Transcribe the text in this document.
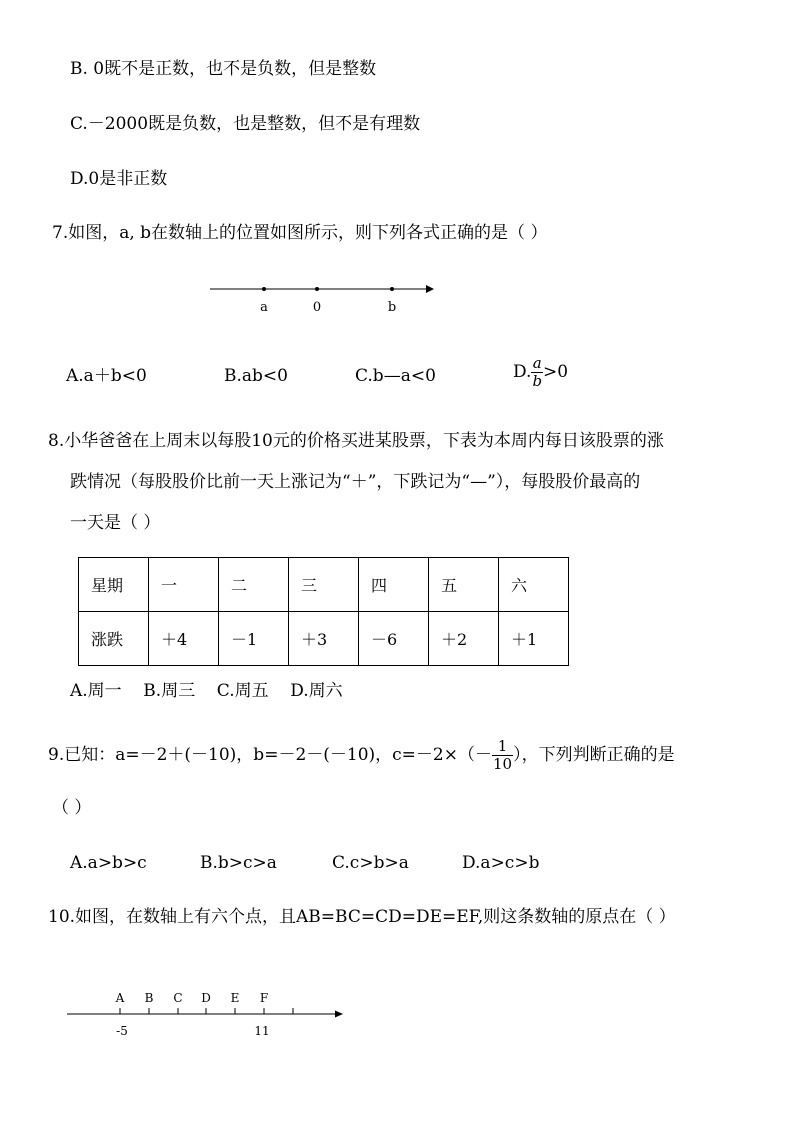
B. 0既不是正数，也不是负数，但是整数
C.－2000既是负数，也是整数，但不是有理数
D.0是非正数
7.如图，a, b在数轴上的位置如图所示，则下列各式正确的是（ ）
a	0	b
A.a＋b<0	B.ab<0	C.b—a<0	D. $\frac{a}{b} >0$
8.小华爸爸在上周末以每股10元的价格买进某股票，下表为本周内每日该股票的涨
跌情况（每股股价比前一天上涨记为“＋”，下跌记为“—”），每股股价最高的
一天是（ ）
星期	一	二	三	四	五	六
涨跌	＋4	－1	＋3	－6	＋2	＋1
A.周一    B.周三    C.周五    D.周六
9.已知：a=－2＋(－10)，b=－2－(－10)，$c=-2\times(- \frac{1}{10}$ ），下列判断正确的是
（ ）
A.a>b>c	B.b>c>a	C.c>b>a	D.a>c>b
10.如图，在数轴上有六个点，且AB=BC=CD=DE=EF,则这条数轴的原点在（ ）
A B C D E F
-5	11
